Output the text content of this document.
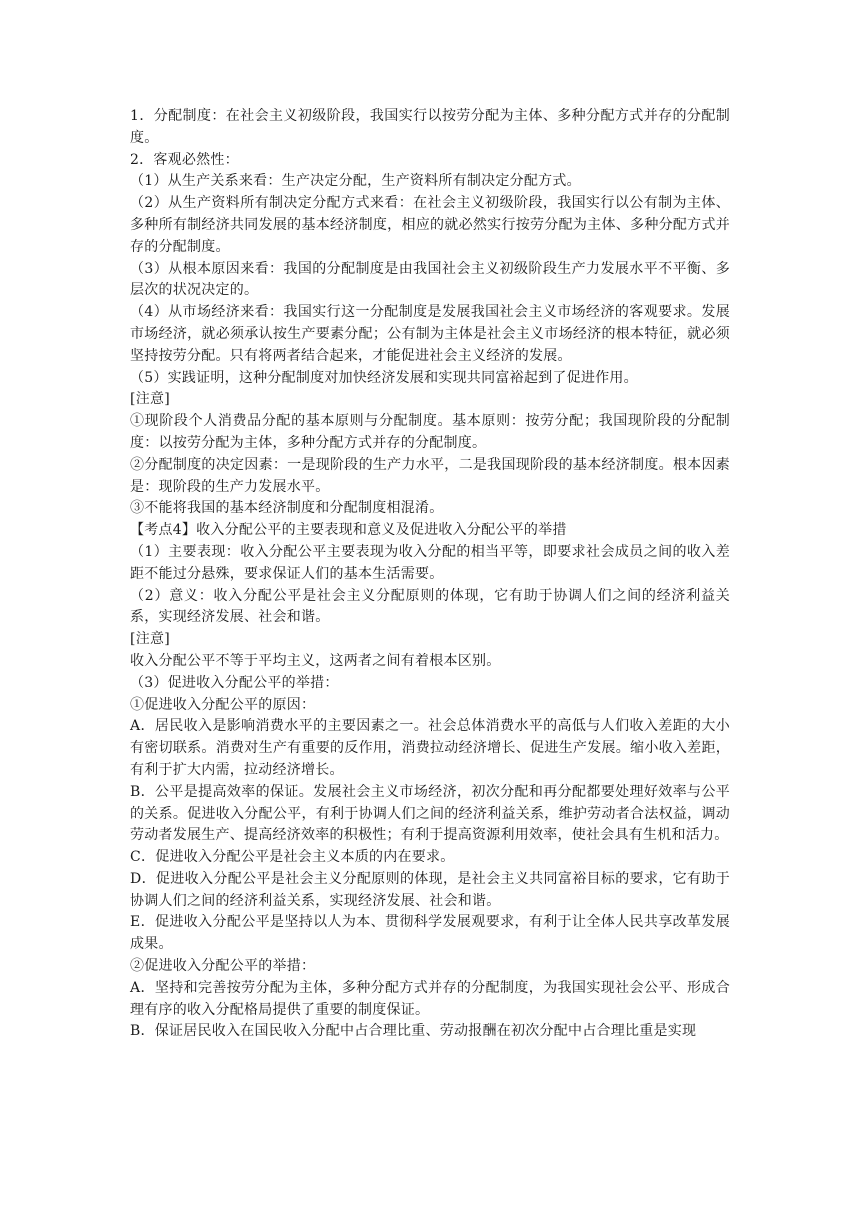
1．分配制度：在社会主义初级阶段，我国实行以按劳分配为主体、多种分配方式并存的分配制度。

2．客观必然性：

（1）从生产关系来看：生产决定分配，生产资料所有制决定分配方式。

（2）从生产资料所有制决定分配方式来看：在社会主义初级阶段，我国实行以公有制为主体、多种所有制经济共同发展的基本经济制度，相应的就必然实行按劳分配为主体、多种分配方式并存的分配制度。

（3）从根本原因来看：我国的分配制度是由我国社会主义初级阶段生产力发展水平不平衡、多层次的状况决定的。

（4）从市场经济来看：我国实行这一分配制度是发展我国社会主义市场经济的客观要求。发展市场经济，就必须承认按生产要素分配；公有制为主体是社会主义市场经济的根本特征，就必须坚持按劳分配。只有将两者结合起来，才能促进社会主义经济的发展。

（5）实践证明，这种分配制度对加快经济发展和实现共同富裕起到了促进作用。

[注意]

①现阶段个人消费品分配的基本原则与分配制度。基本原则：按劳分配；我国现阶段的分配制度：以按劳分配为主体，多种分配方式并存的分配制度。

②分配制度的决定因素：一是现阶段的生产力水平，二是我国现阶段的基本经济制度。根本因素是：现阶段的生产力发展水平。

③不能将我国的基本经济制度和分配制度相混淆。

【考点4】收入分配公平的主要表现和意义及促进收入分配公平的举措

（1）主要表现：收入分配公平主要表现为收入分配的相当平等，即要求社会成员之间的收入差距不能过分悬殊，要求保证人们的基本生活需要。

（2）意义：收入分配公平是社会主义分配原则的体现，它有助于协调人们之间的经济利益关系，实现经济发展、社会和谐。

[注意]

收入分配公平不等于平均主义，这两者之间有着根本区别。

（3）促进收入分配公平的举措：

①促进收入分配公平的原因：

A．居民收入是影响消费水平的主要因素之一。社会总体消费水平的高低与人们收入差距的大小有密切联系。消费对生产有重要的反作用，消费拉动经济增长、促进生产发展。缩小收入差距，有利于扩大内需，拉动经济增长。

B．公平是提高效率的保证。发展社会主义市场经济，初次分配和再分配都要处理好效率与公平的关系。促进收入分配公平，有利于协调人们之间的经济利益关系，维护劳动者合法权益，调动劳动者发展生产、提高经济效率的积极性；有利于提高资源利用效率，使社会具有生机和活力。

C．促进收入分配公平是社会主义本质的内在要求。

D．促进收入分配公平是社会主义分配原则的体现，是社会主义共同富裕目标的要求，它有助于协调人们之间的经济利益关系，实现经济发展、社会和谐。

E．促进收入分配公平是坚持以人为本、贯彻科学发展观要求，有利于让全体人民共享改革发展成果。

②促进收入分配公平的举措：

A．坚持和完善按劳分配为主体，多种分配方式并存的分配制度，为我国实现社会公平、形成合理有序的收入分配格局提供了重要的制度保证。

B．保证居民收入在国民收入分配中占合理比重、劳动报酬在初次分配中占合理比重是实现
